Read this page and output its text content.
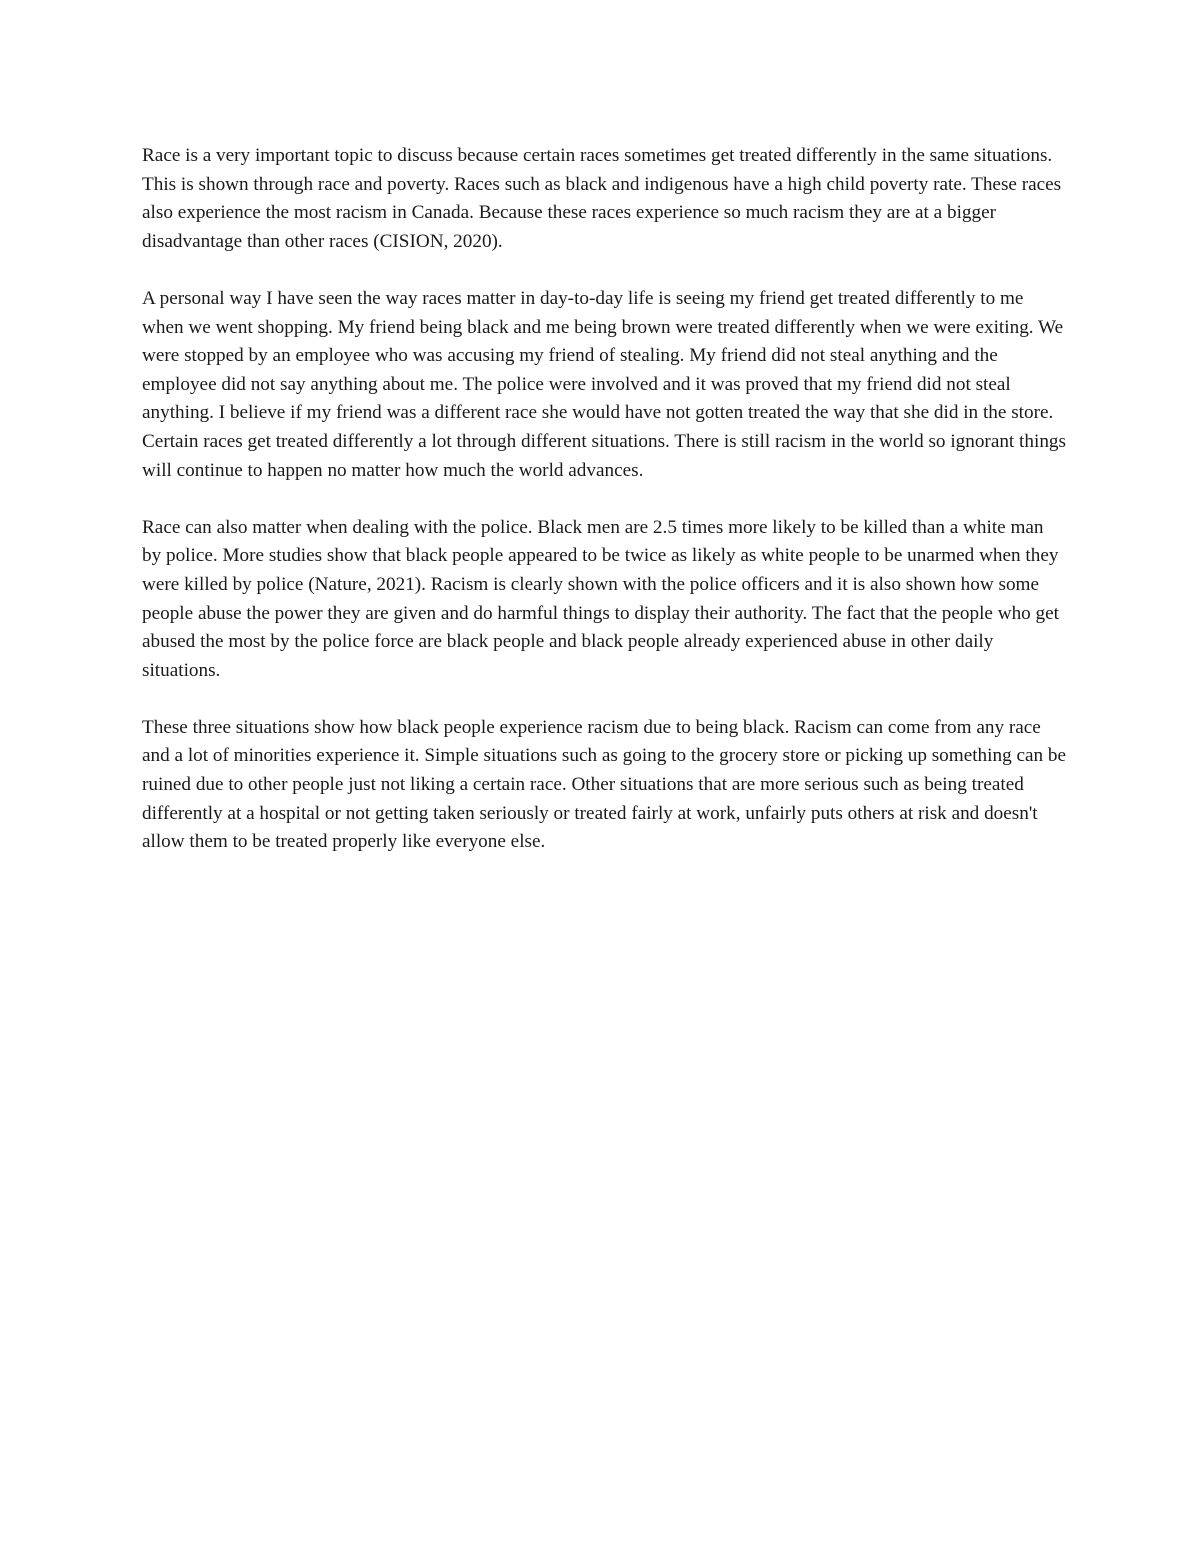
Race is a very important topic to discuss because certain races sometimes get treated differently in the same situations. This is shown through race and poverty. Races such as black and indigenous have a high child poverty rate. These races also experience the most racism in Canada. Because these races experience so much racism they are at a bigger disadvantage than other races (CISION, 2020).

A personal way I have seen the way races matter in day-to-day life is seeing my friend get treated differently to me when we went shopping. My friend being black and me being brown were treated differently when we were exiting. We were stopped by an employee who was accusing my friend of stealing. My friend did not steal anything and the employee did not say anything about me. The police were involved and it was proved that my friend did not steal anything. I believe if my friend was a different race she would have not gotten treated the way that she did in the store. Certain races get treated differently a lot through different situations. There is still racism in the world so ignorant things will continue to happen no matter how much the world advances.

Race can also matter when dealing with the police. Black men are 2.5 times more likely to be killed than a white man by police. More studies show that black people appeared to be twice as likely as white people to be unarmed when they were killed by police (Nature, 2021). Racism is clearly shown with the police officers and it is also shown how some people abuse the power they are given and do harmful things to display their authority. The fact that the people who get abused the most by the police force are black people and black people already experienced abuse in other daily situations.

These three situations show how black people experience racism due to being black. Racism can come from any race and a lot of minorities experience it. Simple situations such as going to the grocery store or picking up something can be ruined due to other people just not liking a certain race. Other situations that are more serious such as being treated differently at a hospital or not getting taken seriously or treated fairly at work, unfairly puts others at risk and doesn't allow them to be treated properly like everyone else.
